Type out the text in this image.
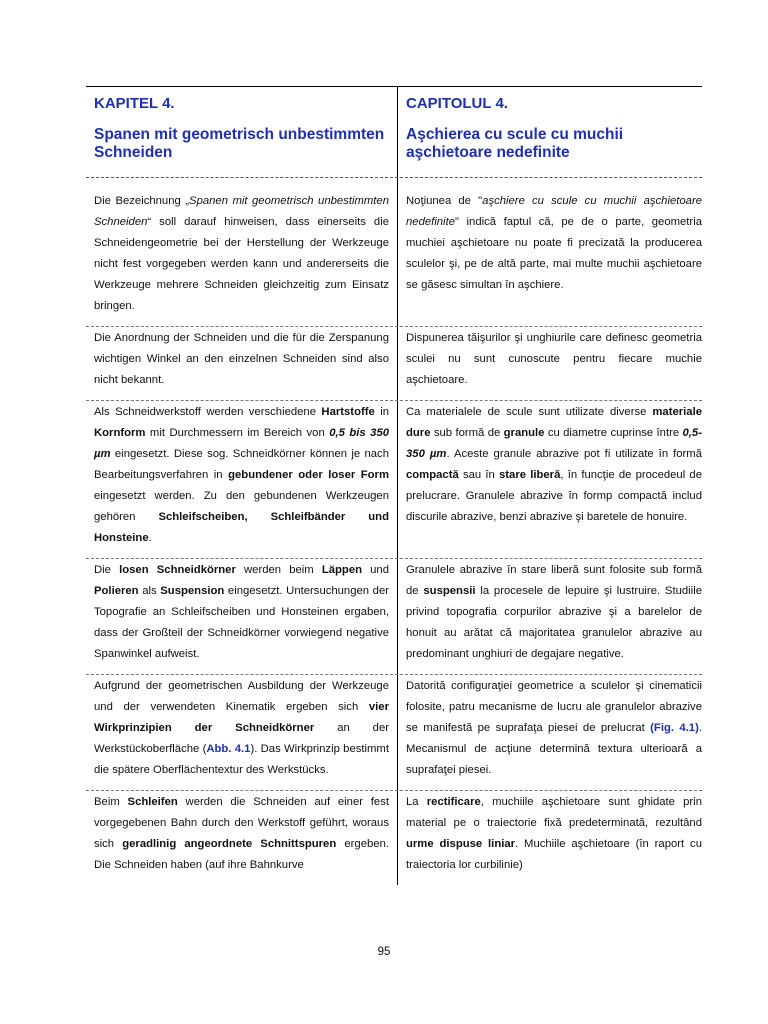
KAPITEL 4.

Spanen mit geometrisch unbestimmten Schneiden

CAPITOLUL 4.

Aşchierea cu scule cu muchii aşchietoare nedefinite

Die Bezeichnung „Spanen mit geometrisch unbestimmten Schneiden“ soll darauf hinweisen, dass einerseits die Schneidengeometrie bei der Herstellung der Werkzeuge nicht fest vorgegeben werden kann und andererseits die Werkzeuge mehrere Schneiden gleichzeitig zum Einsatz bringen.

Noţiunea de "aşchiere cu scule cu muchii aşchietoare nedefinite" indică faptul că, pe de o parte, geometria muchiei aşchietoare nu poate fi precizată la producerea sculelor şi, pe de altă parte, mai multe muchii aşchietoare se găsesc simultan în aşchiere.

Die Anordnung der Schneiden und die für die Zerspanung wichtigen Winkel an den einzelnen Schneiden sind also nicht bekannt.

Dispunerea tăişurilor şi unghiurile care definesc geometria sculei nu sunt cunoscute pentru fiecare muchie aşchietoare.

Als Schneidwerkstoff werden verschiedene Hartstoffe in Kornform mit Durchmessern im Bereich von 0,5 bis 350 µm eingesetzt. Diese sog. Schneidkörner können je nach Bearbeitungsverfahren in gebundener oder loser Form eingesetzt werden. Zu den gebundenen Werkzeugen gehören Schleifscheiben, Schleifbänder und Honsteine.

Ca materialele de scule sunt utilizate diverse materiale dure sub formă de granule cu diametre cuprinse între 0,5-350 µm. Aceste granule abrazive pot fi utilizate în formă compactă sau în stare liberă, în funcţie de procedeul de prelucrare. Granulele abrazive în formp compactă includ discurile abrazive, benzi abrazive şi baretele de honuire.

Die losen Schneidkörner werden beim Läppen und Polieren als Suspension eingesetzt. Untersuchungen der Topografie an Schleifscheiben und Honsteinen ergaben, dass der Großteil der Schneidkörner vorwiegend negative Spanwinkel aufweist.

Granulele abrazive în stare liberă sunt folosite sub formă de suspensii la procesele de lepuire şi lustruire. Studiile privind topografia corpurilor abrazive şi a barelelor de honuit au arătat că majoritatea granulelor abrazive au predominant unghiuri de degajare negative.

Aufgrund der geometrischen Ausbildung der Werkzeuge und der verwendeten Kinematik ergeben sich vier Wirkprinzipien der Schneidkörner an der Werkstückoberfläche (Abb. 4.1). Das Wirkprinzip bestimmt die spätere Oberflächentextur des Werkstücks.

Datorită configuraţiei geometrice a sculelor şi cinematicii folosite, patru mecanisme de lucru ale granulelor abrazive se manifestă pe suprafaţa piesei de prelucrat (Fig. 4.1). Mecanismul de acţiune determină textura ulterioară a suprafaţei piesei.

Beim Schleifen werden die Schneiden auf einer fest vorgegebenen Bahn durch den Werkstoff geführt, woraus sich geradlinig angeordnete Schnittspuren ergeben. Die Schneiden haben (auf ihre Bahnkurve

La rectificare, muchiile aşchietoare sunt ghidate prin material pe o traiectorie fixă predeterminată, rezultând urme dispuse liniar. Muchiile aşchietoare (în raport cu traiectoria lor curbilinie)

95
